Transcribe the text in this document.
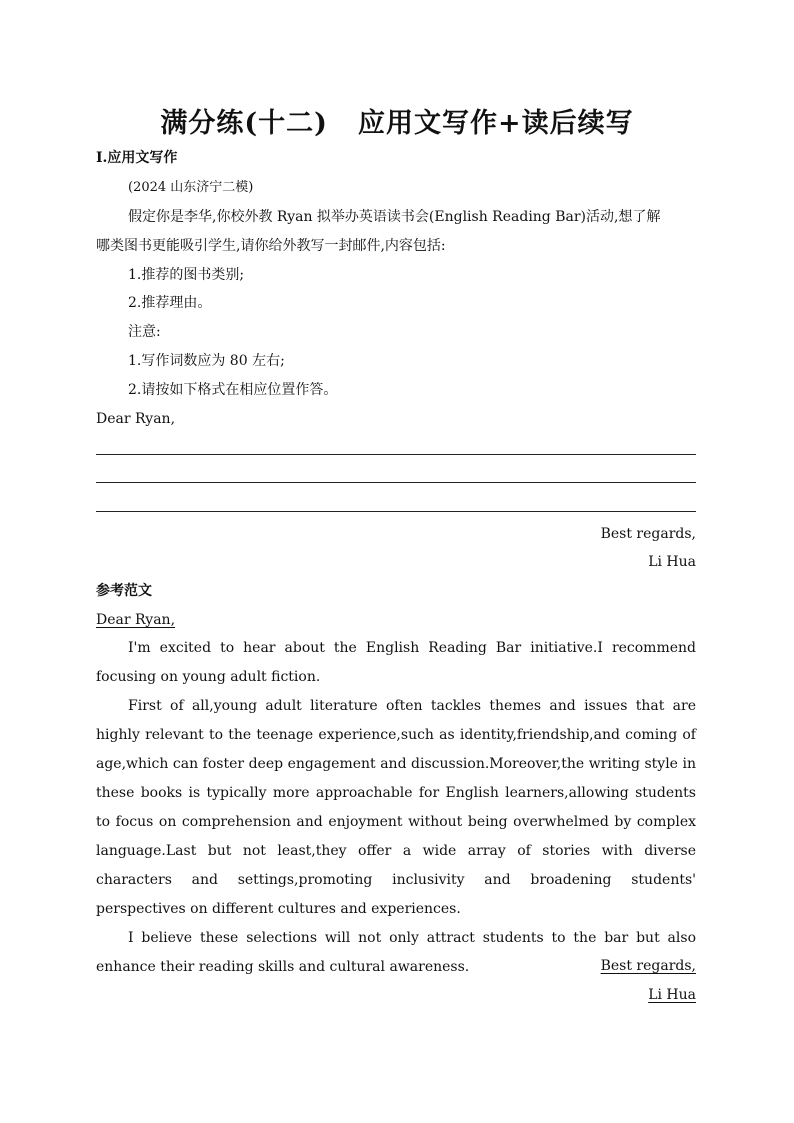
满分练(十二) 应用文写作+读后续写
Ⅰ.应用文写作
(2024 山东济宁二模)
假定你是李华,你校外教 Ryan 拟举办英语读书会(English Reading Bar)活动,想了解
哪类图书更能吸引学生,请你给外教写一封邮件,内容包括:
1.推荐的图书类别;
2.推荐理由。
注意:
1.写作词数应为 80 左右;
2.请按如下格式在相应位置作答。
Dear Ryan,
Best regards,
Li Hua
参考范文
Dear Ryan,

I'm excited to hear about the English Reading Bar initiative.I recommend focusing on young adult fiction.

First of all,young adult literature often tackles themes and issues that are highly relevant to the teenage experience,such as identity,friendship,and coming of age,which can foster deep engagement and discussion.Moreover,the writing style in these books is typically more approachable for English learners,allowing students to focus on comprehension and enjoyment without being overwhelmed by complex language.Last but not least,they offer a wide array of stories with diverse characters and settings,promoting inclusivity and broadening students' perspectives on different cultures and experiences.

I believe these selections will not only attract students to the bar but also enhance their reading skills and cultural awareness.	Best regards,
Li Hua
